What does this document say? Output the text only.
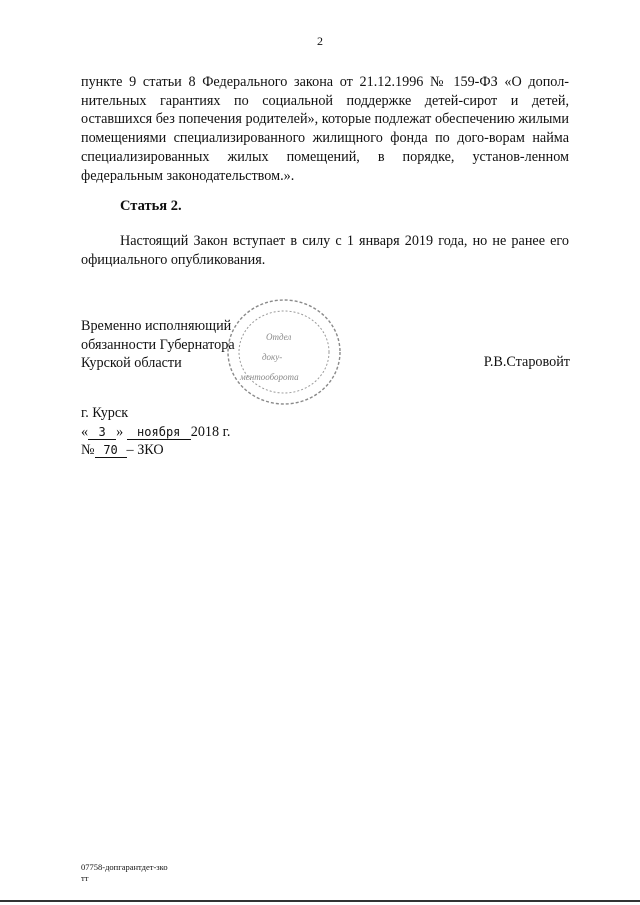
2
пункте 9 статьи 8 Федерального закона от 21.12.1996 № 159-ФЗ «О допол-нительных гарантиях по социальной поддержке детей-сирот и детей, оставшихся без попечения родителей», которые подлежат обеспечению жилыми помещениями специализированного жилищного фонда по дого-ворам найма специализированных жилых помещений, в порядке, установ-ленном федеральным законодательством.».
Статья 2.
Настоящий Закон вступает в силу с 1 января 2019 года, но не ранее его официального опубликования.
Отдел
доку-
ментооборота
Временно исполняющий
обязанности Губернатора
Курской области	Р.В.Старовойт
г. Курск
« 3 » ноября 2018 г.
№ 70 – ЗКО
07758-допгарантдет-зко
тт
